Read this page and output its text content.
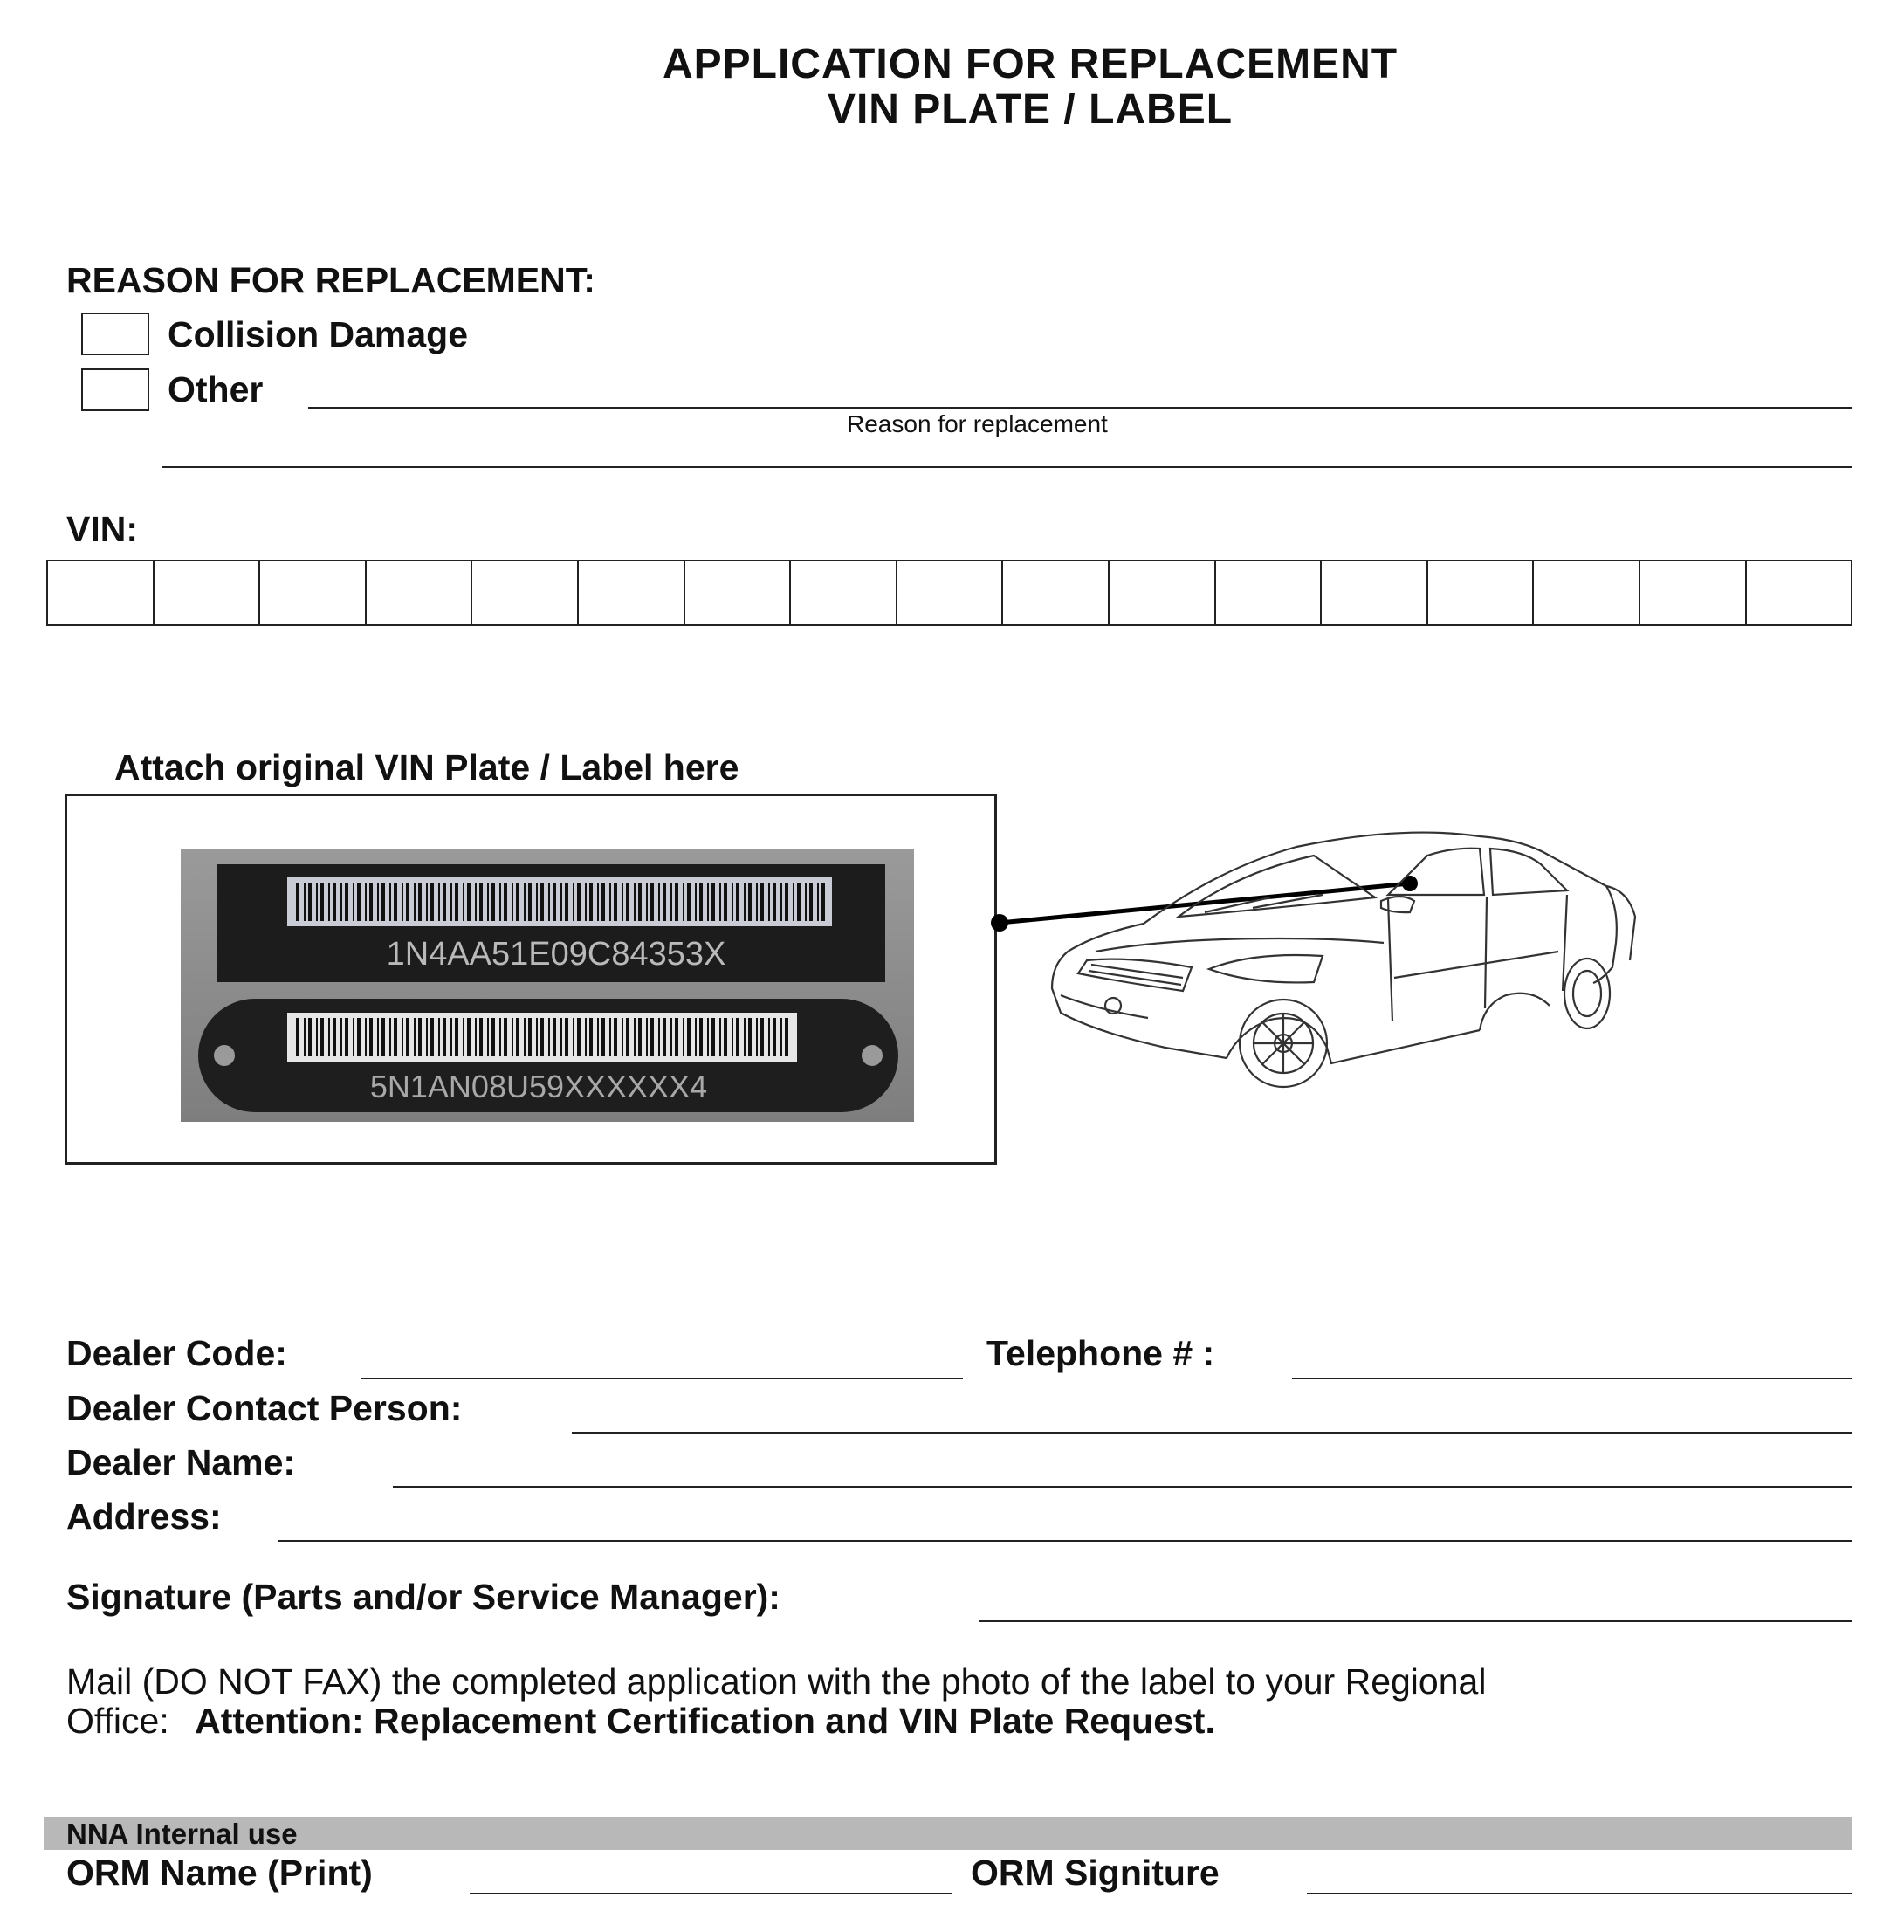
APPLICATION FOR REPLACEMENT
VIN PLATE / LABEL
REASON FOR REPLACEMENT:
Collision Damage
Other
Reason for replacement
VIN:
Attach original VIN Plate / Label here
1N4AA51E09C84353X
5N1AN08U59XXXXXX4
Dealer Code:	Telephone # :
Dealer Contact Person:
Dealer Name:
Address:
Signature (Parts and/or Service Manager):
Mail (DO NOT FAX) the completed application with the photo of the label to your Regional
Office: Attention: Replacement Certification and VIN Plate Request.
NNA Internal use
ORM Name (Print)	ORM Signiture
